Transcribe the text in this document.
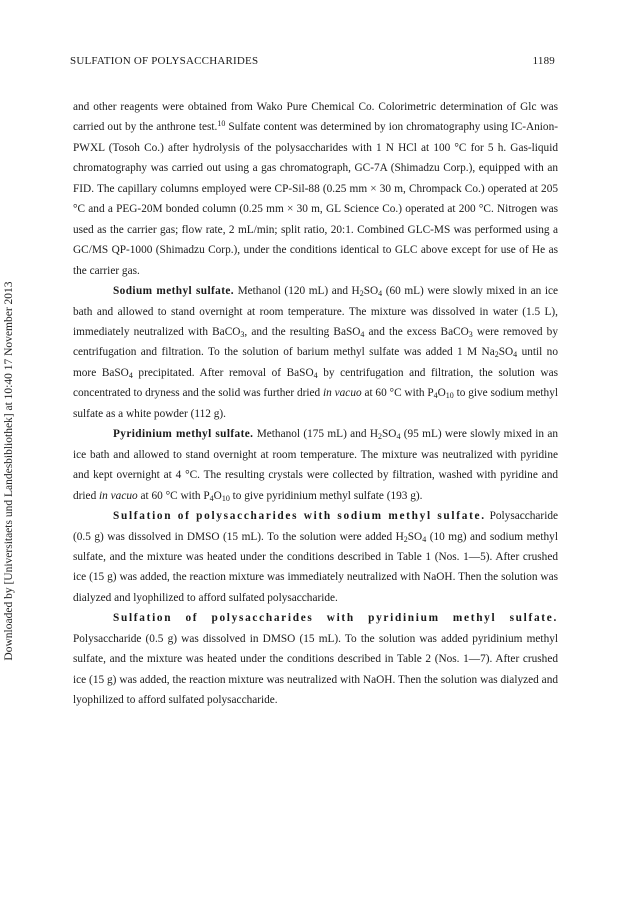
SULFATION OF POLYSACCHARIDES	1189
Downloaded by [Universitaets und Landesbibliothek] at 10:40 17 November 2013

and other reagents were obtained from Wako Pure Chemical Co. Colorimetric determination of Glc was carried out by the anthrone test.$^{10}$ Sulfate content was determined by ion chromatography using IC-Anion-PWXL (Tosoh Co.) after hydrolysis of the polysaccharides with 1 N HCl at 100 °C for 5 h. Gas-liquid chromatography was carried out using a gas chromatograph, GC-7A (Shimadzu Corp.), equipped with an FID. The capillary columns employed were CP-Sil-88 (0.25 mm × 30 m, Chrompack Co.) operated at 205 °C and a PEG-20M bonded column (0.25 mm × 30 m, GL Science Co.) operated at 200 °C. Nitrogen was used as the carrier gas; flow rate, 2 mL/min; split ratio, 20:1. Combined GLC-MS was performed using a GC/MS QP-1000 (Shimadzu Corp.), under the conditions identical to GLC above except for use of He as the carrier gas.

Sodium methyl sulfate. Methanol (120 mL) and $H_2SO_4$ (60 mL) were slowly mixed in an ice bath and allowed to stand overnight at room temperature. The mixture was dissolved in water (1.5 L), immediately neutralized with BaCO$_3$, and the resulting BaSO$_4$ and the excess BaCO$_3$ were removed by centrifugation and filtration. To the solution of barium methyl sulfate was added 1 M $Na_2SO_4$ until no more BaSO$_4$ precipitated. After removal of BaSO$_4$ by centrifugation and filtration, the solution was concentrated to dryness and the solid was further dried in vacuo at 60 °C with $P_4O_{10}$ to give sodium methyl sulfate as a white powder (112 g).

Pyridinium methyl sulfate. Methanol (175 mL) and $H_2SO_4$ (95 mL) were slowly mixed in an ice bath and allowed to stand overnight at room temperature. The mixture was neutralized with pyridine and kept overnight at 4 °C. The resulting crystals were collected by filtration, washed with pyridine and dried in vacuo at 60 °C with $P_4O_{10}$ to give pyridinium methyl sulfate (193 g).

Sulfation of polysaccharides with sodium methyl sulfate. Polysaccharide (0.5 g) was dissolved in DMSO (15 mL). To the solution were added $H_2SO_4$ (10 mg) and sodium methyl sulfate, and the mixture was heated under the conditions described in Table 1 (Nos. 1—5). After crushed ice (15 g) was added, the reaction mixture was immediately neutralized with NaOH. Then the solution was dialyzed and lyophilized to afford sulfated polysaccharide.

Sulfation of polysaccharides with pyridinium methyl sulfate. Polysaccharide (0.5 g) was dissolved in DMSO (15 mL). To the solution was added pyridinium methyl sulfate, and the mixture was heated under the conditions described in Table 2 (Nos. 1—7). After crushed ice (15 g) was added, the reaction mixture was neutralized with NaOH. Then the solution was dialyzed and lyophilized to afford sulfated polysaccharide.
